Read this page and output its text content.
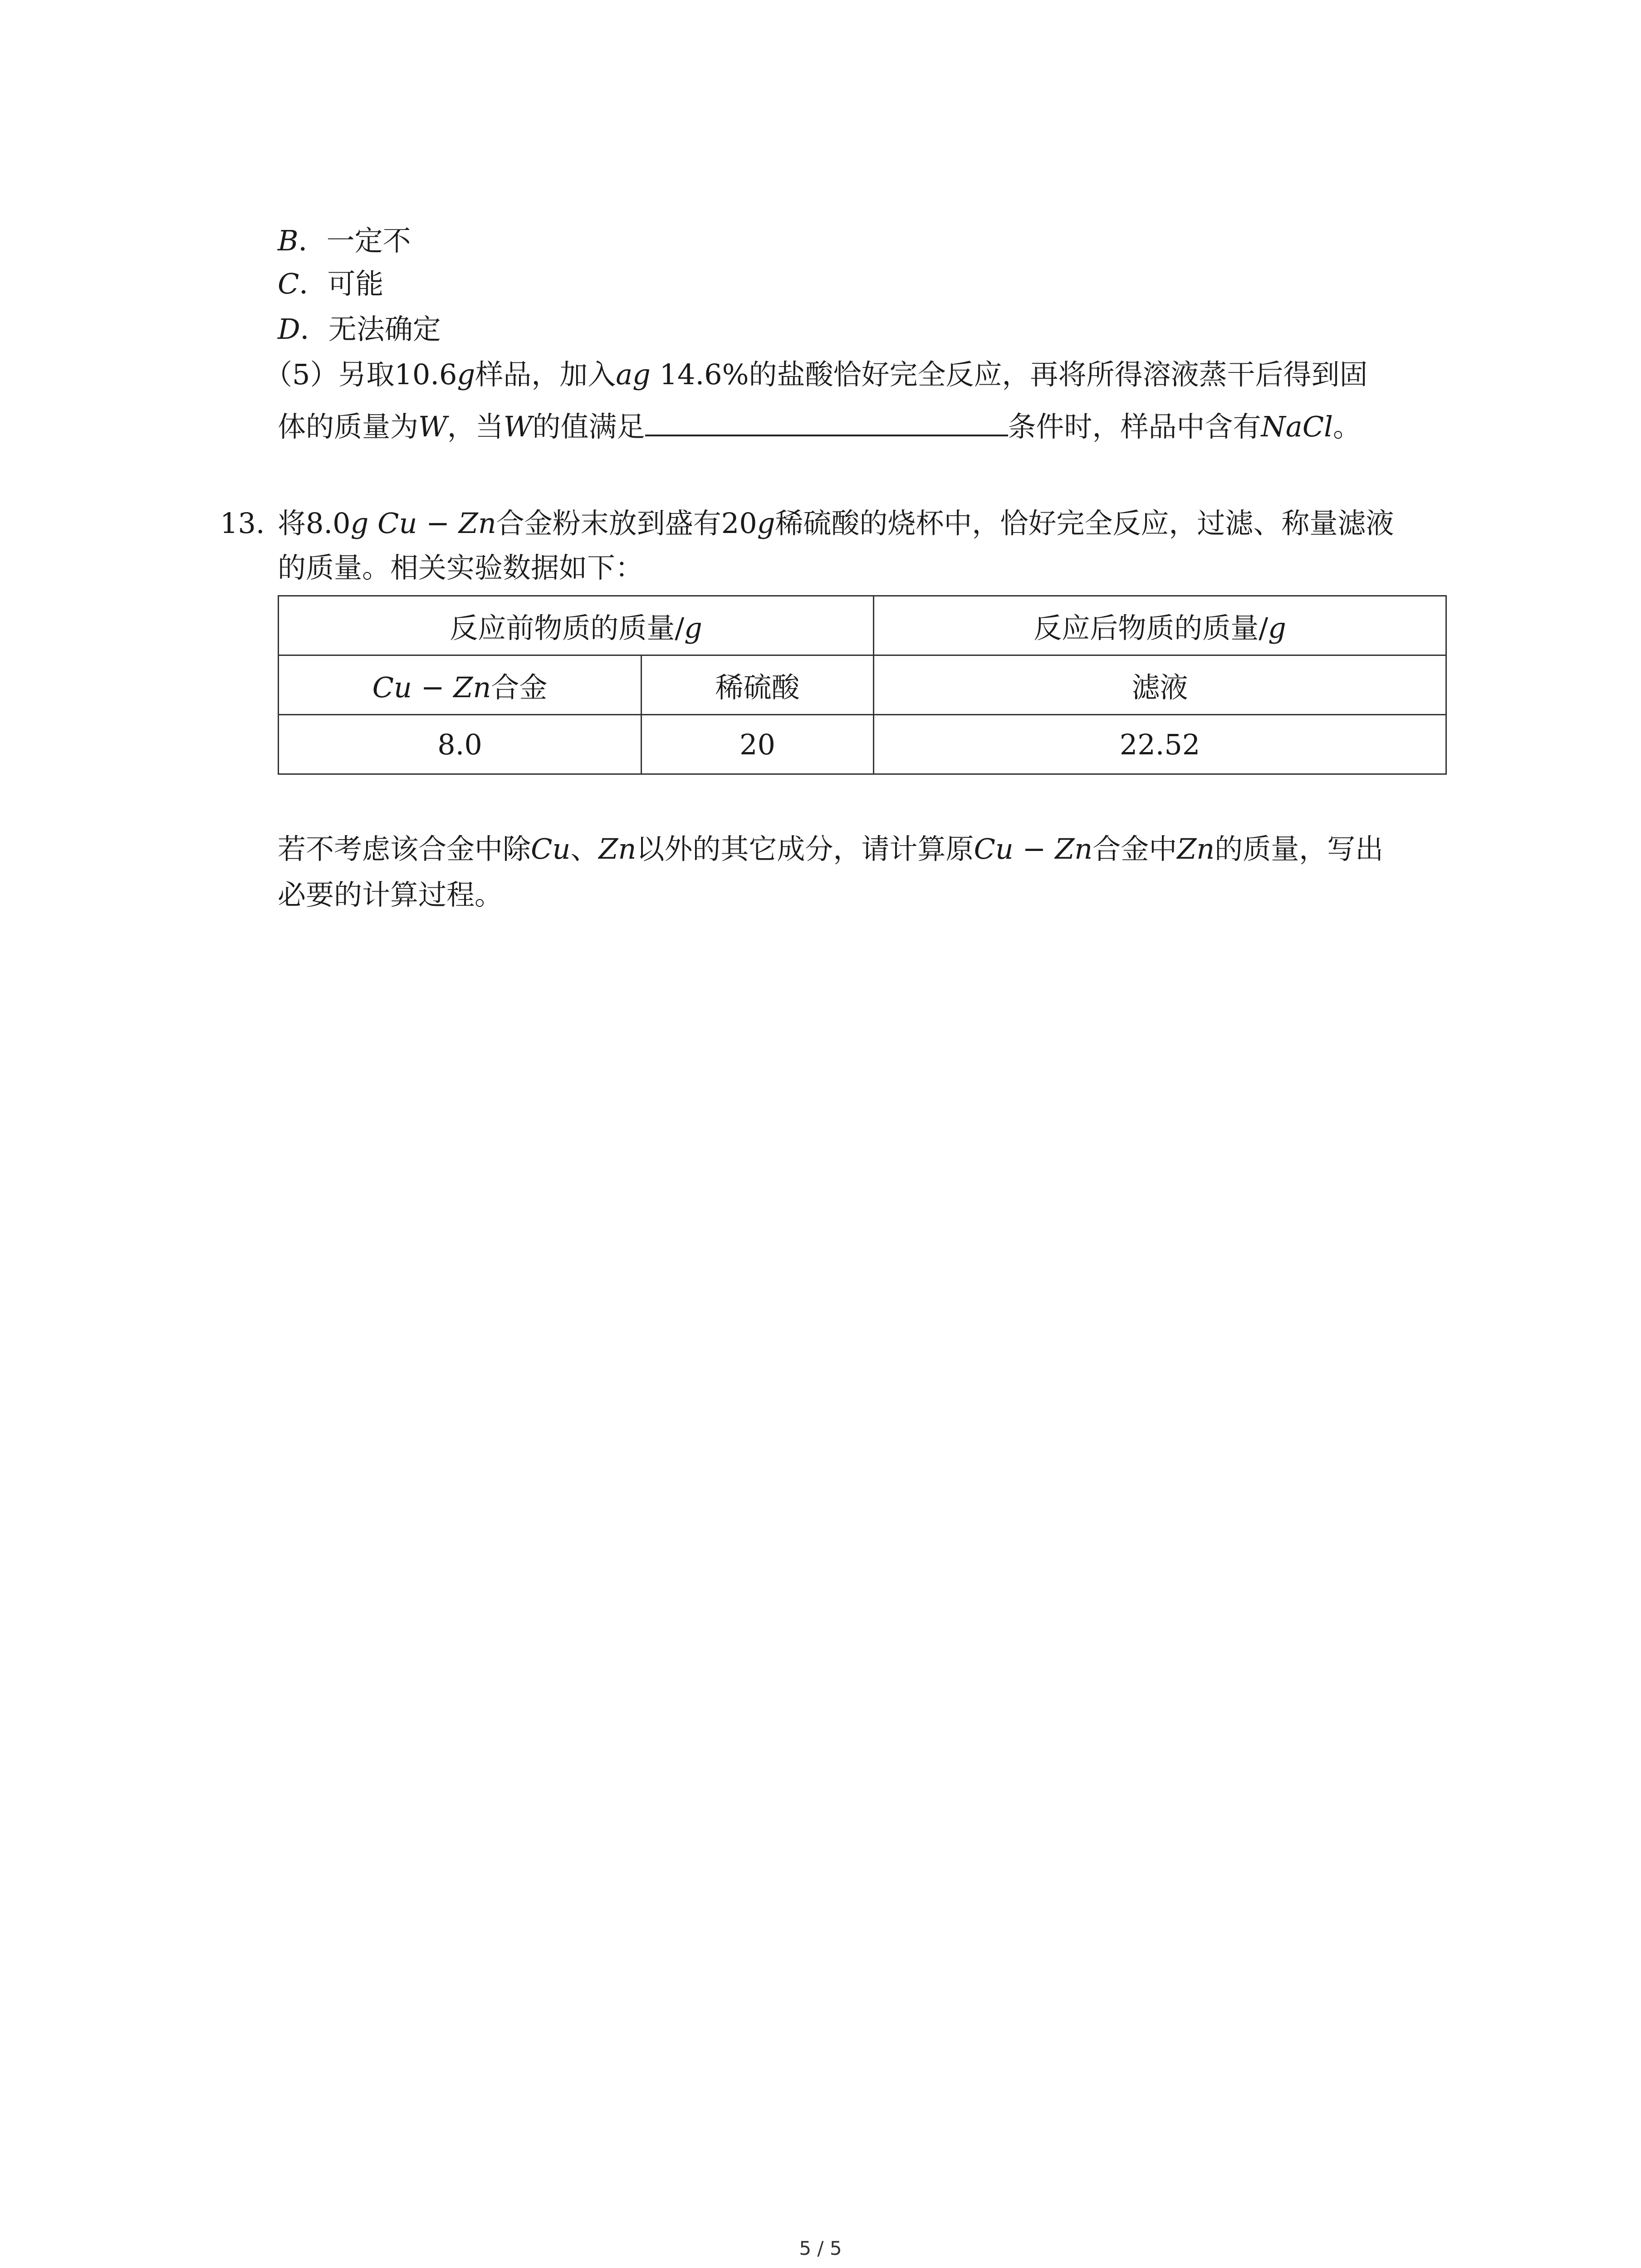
B．一定不
C．可能
D．无法确定
（5）另取10.6g样品，加入ag 14.6%的盐酸恰好完全反应，再将所得溶液蒸干后得到固
体的质量为W，当W的值满足	条件时，样品中含有NaCl。
13. 将8.0g Cu − Zn合金粉末放到盛有20g稀硫酸的烧杯中，恰好完全反应，过滤、称量滤液
的质量。相关实验数据如下：
反应前物质的质量/g		反应后物质的质量/g
Cu − Zn合金	稀硫酸	滤液
8.0	20	22.52
若不考虑该合金中除Cu、Zn以外的其它成分，请计算原Cu − Zn合金中Zn的质量，写出
必要的计算过程。
5 / 5
